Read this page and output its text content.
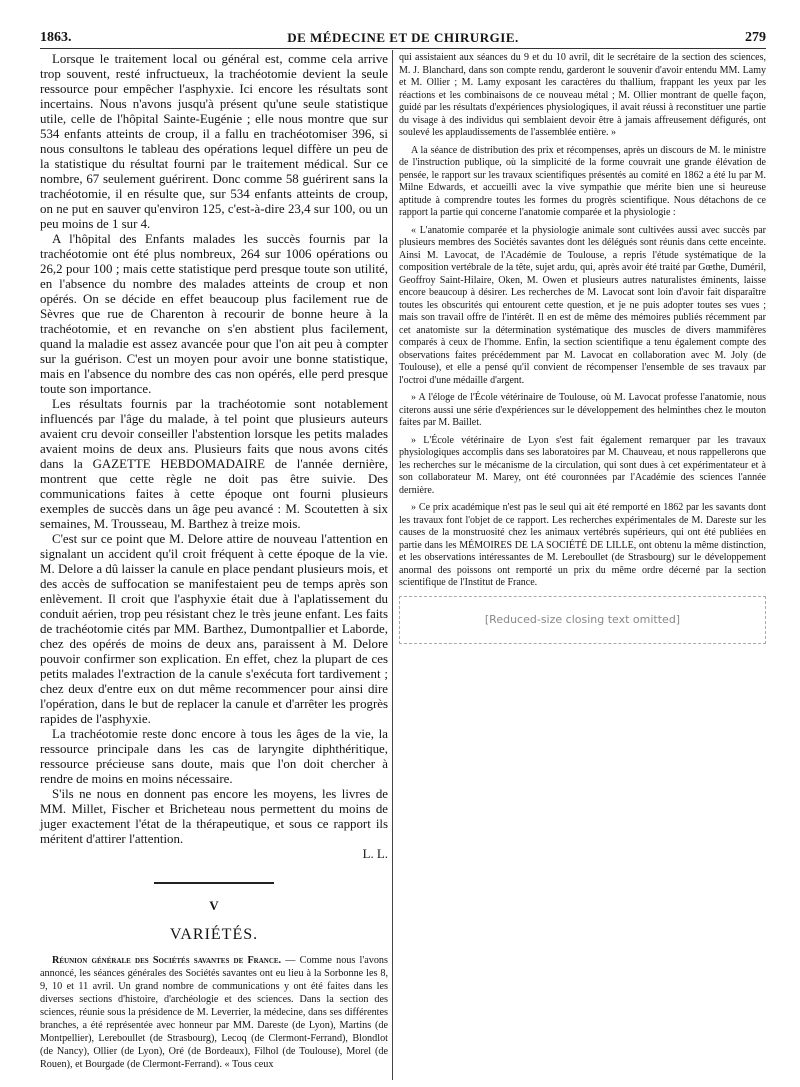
1863.	DE MÉDECINE ET DE CHIRURGIE.	279

Lorsque le traitement local ou général est, comme cela arrive trop souvent, resté infructueux, la trachéotomie devient la seule ressource pour empêcher l'asphyxie. Ici encore les résultats sont incertains. Nous n'avons jusqu'à présent qu'une seule statistique utile, celle de l'hôpital Sainte-Eugénie ; elle nous montre que sur 534 enfants atteints de croup, il a fallu en trachéotomiser 396, si nous consultons le tableau des opérations lequel diffère un peu de la statistique du résultat fourni par le traitement médical. Sur ce nombre, 67 seulement guérirent. Donc comme 58 guérirent sans la trachéotomie, il en résulte que, sur 534 enfants atteints de croup, on ne put en sauver qu'environ 125, c'est-à-dire 23,4 sur 100, ou un peu moins de 1 sur 4.

A l'hôpital des Enfants malades les succès fournis par la trachéotomie ont été plus nombreux, 264 sur 1006 opérations ou 26,2 pour 100 ; mais cette statistique perd presque toute son utilité, en l'absence du nombre des malades atteints de croup et non opérés. On se décide en effet beaucoup plus facilement rue de Sèvres que rue de Charenton à recourir de bonne heure à la trachéotomie, et en revanche on s'en abstient plus facilement, quand la maladie est assez avancée pour que l'on ait peu à compter sur la guérison. C'est un moyen pour avoir une bonne statistique, mais en l'absence du nombre des cas non opérés, elle perd presque toute son importance.

Les résultats fournis par la trachéotomie sont notablement influencés par l'âge du malade, à tel point que plusieurs auteurs avaient cru devoir conseiller l'abstention lorsque les petits malades avaient moins de deux ans. Plusieurs faits que nous avons cités dans la GAZETTE HEBDOMADAIRE de l'année dernière, montrent que cette règle ne doit pas être suivie. Des communications faites à cette époque ont fourni plusieurs exemples de succès dans un âge peu avancé : M. Scoutetten à six semaines, M. Trousseau, M. Barthez à treize mois.

C'est sur ce point que M. Delore attire de nouveau l'attention en signalant un accident qu'il croit fréquent à cette époque de la vie. M. Delore a dû laisser la canule en place pendant plusieurs mois, et des accès de suffocation se manifestaient peu de temps après son enlèvement. Il croit que l'asphyxie était due à l'aplatissement du conduit aérien, trop peu résistant chez le très jeune enfant. Les faits de trachéotomie cités par MM. Barthez, Dumontpallier et Laborde, chez des opérés de moins de deux ans, paraissent à M. Delore pouvoir confirmer son explication. En effet, chez la plupart de ces petits malades l'extraction de la canule s'exécuta fort tardivement ; chez deux d'entre eux on dut même recommencer pour ainsi dire l'opération, dans le but de replacer la canule et d'arrêter les progrès rapides de l'asphyxie.

La trachéotomie reste donc encore à tous les âges de la vie, la ressource principale dans les cas de laryngite diphthéritique, ressource précieuse sans doute, mais que l'on doit chercher à rendre de moins en moins nécessaire.

S'ils ne nous en donnent pas encore les moyens, les livres de MM. Millet, Fischer et Bricheteau nous permettent du moins de juger exactement l'état de la thérapeutique, et sous ce rapport ils méritent d'attirer l'attention.

L. L.
V
VARIÉTÉS.
Réunion générale des Sociétés savantes de France. — Comme nous l'avons annoncé, les séances générales des Sociétés savantes ont eu lieu à la Sorbonne les 8, 9, 10 et 11 avril. Un grand nombre de communications y ont été faites dans les diverses sections d'histoire, d'archéologie et des sciences. Dans la section des sciences, réunie sous la présidence de M. Leverrier, la médecine, dans ses différentes branches, a été représentée avec honneur par MM. Dareste (de Lyon), Martins (de Montpellier), Lereboullet (de Strasbourg), Lecoq (de Clermont-Ferrand), Blondlot (de Nancy), Ollier (de Lyon), Oré (de Bordeaux), Filhol (de Toulouse), Morel (de Rouen), et Bourgade (de Clermont-Ferrand). « Tous ceux

qui assistaient aux séances du 9 et du 10 avril, dit le secrétaire de la section des sciences, M. J. Blanchard, dans son compte rendu, garderont le souvenir d'avoir entendu MM. Lamy et M. Ollier ; M. Lamy exposant les caractères du thallium, frappant les yeux par les réactions et les combinaisons de ce nouveau métal ; M. Ollier montrant de quelle façon, guidé par les résultats d'expériences physiologiques, il avait réussi à reconstituer une partie du visage à des individus qui semblaient devoir être à jamais affreusement défigurés, ont soulevé les applaudissements de l'assemblée entière. »

A la séance de distribution des prix et récompenses, après un discours de M. le ministre de l'instruction publique, où la simplicité de la forme couvrait une grande élévation de pensée, le rapport sur les travaux scientifiques présentés au comité en 1862 a été lu par M. Milne Edwards, et accueilli avec la vive sympathie que mérite bien une si heureuse aptitude à comprendre toutes les formes du progrès scientifique. Nous détachons de ce rapport la partie qui concerne l'anatomie comparée et la physiologie :

« L'anatomie comparée et la physiologie animale sont cultivées aussi avec succès par plusieurs membres des Sociétés savantes dont les délégués sont réunis dans cette enceinte. Ainsi M. Lavocat, de l'Académie de Toulouse, a repris l'étude systématique de la composition vertébrale de la tête, sujet ardu, qui, après avoir été traité par Gœthe, Duméril, Geoffroy Saint-Hilaire, Oken, M. Owen et plusieurs autres naturalistes éminents, laisse encore beaucoup à désirer. Les recherches de M. Lavocat sont loin d'avoir fait disparaître toutes les obscurités qui entourent cette question, et je ne puis adopter toutes ses vues ; mais son travail offre de l'intérêt. Il en est de même des mémoires publiés récemment par cet anatomiste sur la détermination systématique des muscles de divers mammifères comparés à ceux de l'homme. Enfin, la section scientifique a tenu également compte des observations faites précédemment par M. Lavocat en collaboration avec M. Joly (de Toulouse), et elle a pensé qu'il convient de récompenser l'ensemble de ses travaux par l'octroi d'une médaille d'argent.

» A l'éloge de l'École vétérinaire de Toulouse, où M. Lavocat professe l'anatomie, nous citerons aussi une série d'expériences sur le développement des helminthes chez le mouton faites par M. Baillet.

» L'École vétérinaire de Lyon s'est fait également remarquer par les travaux physiologiques accomplis dans ses laboratoires par M. Chauveau, et nous rappellerons que les recherches sur le mécanisme de la circulation, qui sont dues à cet expérimentateur et à son collaborateur M. Marey, ont été couronnées par l'Académie des sciences l'année dernière.

» Ce prix académique n'est pas le seul qui ait été remporté en 1862 par les savants dont les travaux font l'objet de ce rapport. Les recherches expérimentales de M. Dareste sur les causes de la monstruosité chez les animaux vertébrés supérieurs, qui ont été publiées en partie dans les MÉMOIRES DE LA SOCIÉTÉ DE LILLE, ont obtenu la même distinction, et les observations intéressantes de M. Lereboullet (de Strasbourg) sur le développement anormal des poissons ont remporté un prix du même ordre décerné par la section scientifique de l'Institut de France.

[Reduced-size closing text omitted]
